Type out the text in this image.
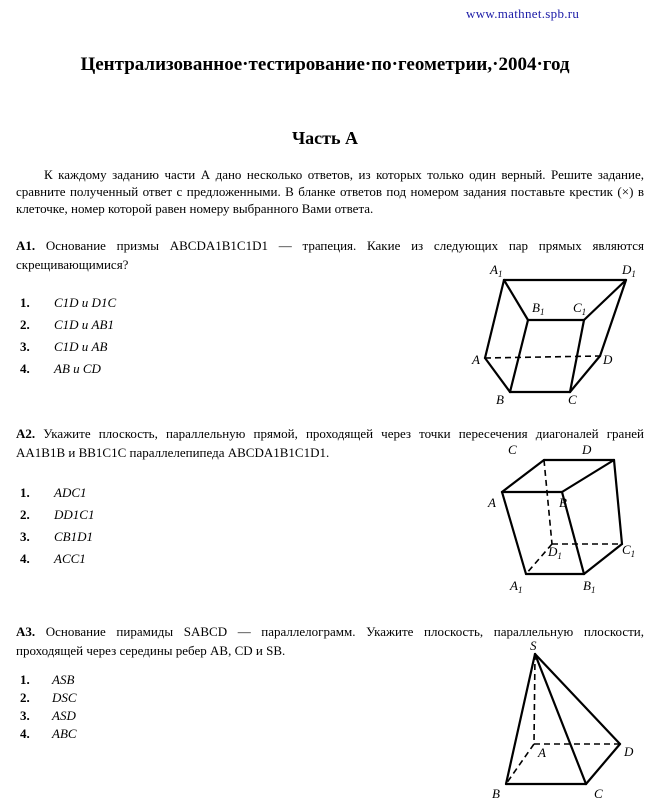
www.mathnet.spb.ru
Централизованное·тестирование·по·геометрии,·2004·год
Часть А
К каждому заданию части А дано несколько ответов, из которых только один верный. Решите задание, сравните полученный ответ с предложенными. В бланке ответов под номером задания поставьте крестик (×) в клеточке, номер которой равен номеру выбранного Вами ответа.
A1. Основание призмы ABCDA1B1C1D1 — трапеция. Какие из следующих пар прямых являются скрещивающимися?
1. C1D и D1C
2. C1D и AB1
3. C1D и AB
4. AB и CD
$A_1$	$D_1$
$B_1$ $C_1$
A	D
B	C
A2. Укажите плоскость, параллельную прямой, проходящей через точки пересечения диагоналей граней AA1B1B и BB1C1C параллелепипеда ABCDA1B1C1D1.
1. ADC1
2. DD1C1
3. CB1D1
4. ACC1
C	D
A	B
$D_1$	$C_1$
$A_1$	$B_1$
A3. Основание пирамиды SABCD — параллелограмм. Укажите плоскость, параллельную плоскости, проходящей через середины ребер AB, CD и SB.
1. ASB
2. DSC
3. ASD
4. ABC
S
A	D
B	C
